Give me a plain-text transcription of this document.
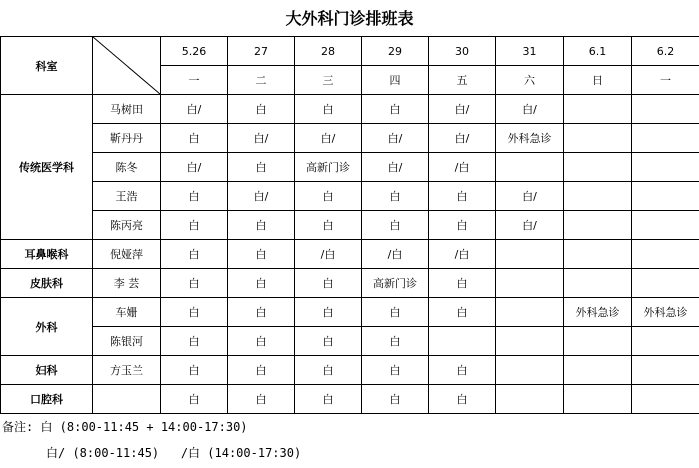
大外科门诊排班表
科室		5.26	27	28	29	30	31	6.1	6.2
		一	二	三	四	五	六	日	一
传统医学科	马树田	白/	白	白	白	白/	白/		
	靳丹丹	白	白/	白/	白/	白/	外科急诊		
	陈冬	白/	白	高新门诊	白/	/白			
	王浩	白	白/	白	白	白	白/		
	陈丙亮	白	白	白	白	白	白/		
耳鼻喉科	倪娅萍	白	白	/白	/白	/白			
皮肤科	李 芸	白	白	白	高新门诊	白			
外科	车姗	白	白	白	白	白		外科急诊	外科急诊
	陈银河	白	白	白	白				
妇科	方玉兰	白	白	白	白	白			
口腔科		白	白	白	白	白			
备注: 白 (8:00-11:45 + 14:00-17:30)
白/ (8:00-11:45)   /白 (14:00-17:30)
